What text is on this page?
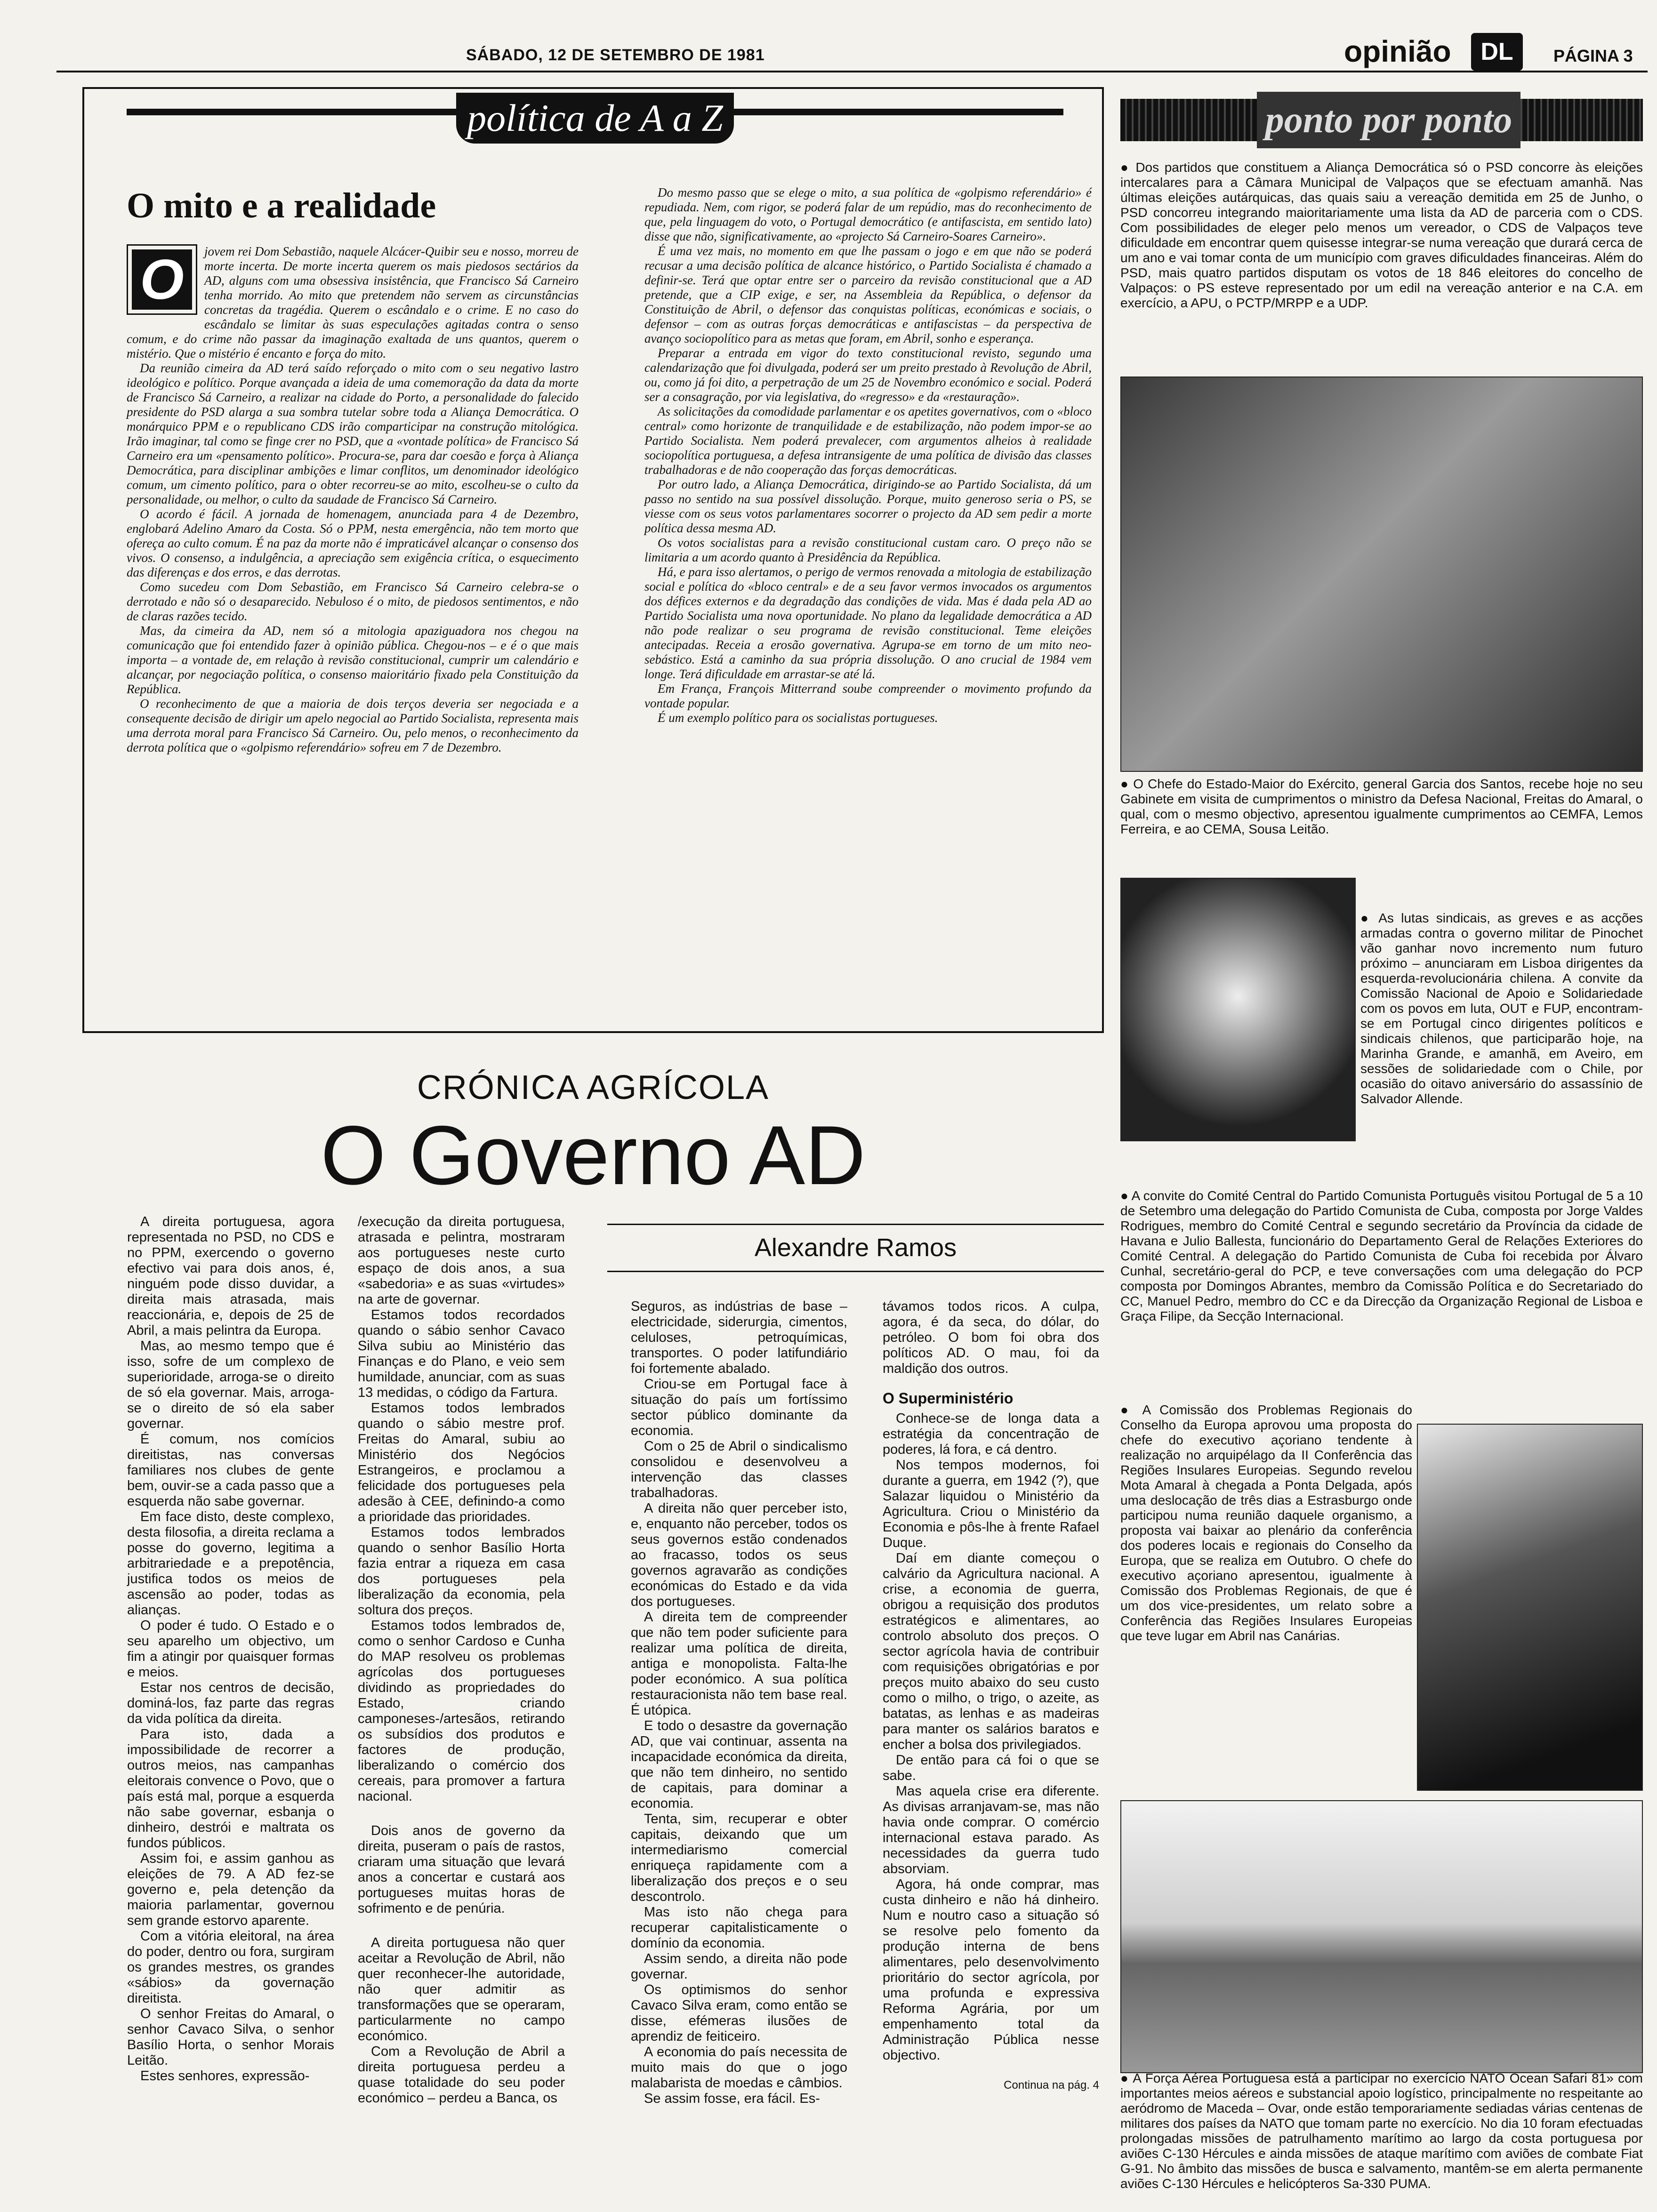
SÁBADO, 12 DE SETEMBRO DE 1981	opinião	DL	PÁGINA 3
política de A a Z
O mito e a realidade
O	jovem rei Dom Sebastião, naquele Alcácer-Quibir seu e nosso, morreu de morte incerta. De morte incerta querem os mais piedosos sectários da AD, alguns com uma obsessiva insistência, que Francisco Sá Carneiro tenha morrido. Ao mito que pretendem não servem as circunstâncias concretas da tragédia. Querem o escândalo e o crime. E no caso do escândalo se limitar às suas especulações agitadas contra o senso comum, e do crime não passar da imaginação exaltada de uns quantos, querem o mistério. Que o mistério é encanto e força do mito.

Da reunião cimeira da AD terá saído reforçado o mito com o seu negativo lastro ideológico e político. Porque avançada a ideia de uma comemoração da data da morte de Francisco Sá Carneiro, a realizar na cidade do Porto, a personalidade do falecido presidente do PSD alarga a sua sombra tutelar sobre toda a Aliança Democrática. O monárquico PPM e o republicano CDS irão comparticipar na construção mitológica. Irão imaginar, tal como se finge crer no PSD, que a «vontade política» de Francisco Sá Carneiro era um «pensamento político». Procura-se, para dar coesão e força à Aliança Democrática, para disciplinar ambições e limar conflitos, um denominador ideológico comum, um cimento político, para o obter recorreu-se ao mito, escolheu-se o culto da personalidade, ou melhor, o culto da saudade de Francisco Sá Carneiro.

O acordo é fácil. A jornada de homenagem, anunciada para 4 de Dezembro, englobará Adelino Amaro da Costa. Só o PPM, nesta emergência, não tem morto que ofereça ao culto comum. É na paz da morte não é impraticável alcançar o consenso dos vivos. O consenso, a indulgência, a apreciação sem exigência crítica, o esquecimento das diferenças e dos erros, e das derrotas.

Como sucedeu com Dom Sebastião, em Francisco Sá Carneiro celebra-se o derrotado e não só o desaparecido. Nebuloso é o mito, de piedosos sentimentos, e não de claras razões tecido.

Mas, da cimeira da AD, nem só a mitologia apaziguadora nos chegou na comunicação que foi entendido fazer à opinião pública. Chegou-nos – e é o que mais importa – a vontade de, em relação à revisão constitucional, cumprir um calendário e alcançar, por negociação política, o consenso maioritário fixado pela Constituição da República.

O reconhecimento de que a maioria de dois terços deveria ser negociada e a consequente decisão de dirigir um apelo negocial ao Partido Socialista, representa mais uma derrota moral para Francisco Sá Carneiro. Ou, pelo menos, o reconhecimento da derrota política que o «golpismo referendário» sofreu em 7 de Dezembro.

Do mesmo passo que se elege o mito, a sua política de «golpismo referendário» é repudiada. Nem, com rigor, se poderá falar de um repúdio, mas do reconhecimento de que, pela linguagem do voto, o Portugal democrático (e antifascista, em sentido lato) disse que não, significativamente, ao «projecto Sá Carneiro-Soares Carneiro».

É uma vez mais, no momento em que lhe passam o jogo e em que não se poderá recusar a uma decisão política de alcance histórico, o Partido Socialista é chamado a definir-se. Terá que optar entre ser o parceiro da revisão constitucional que a AD pretende, que a CIP exige, e ser, na Assembleia da República, o defensor da Constituição de Abril, o defensor das conquistas políticas, económicas e sociais, o defensor – com as outras forças democráticas e antifascistas – da perspectiva de avanço sociopolítico para as metas que foram, em Abril, sonho e esperança.

Preparar a entrada em vigor do texto constitucional revisto, segundo uma calendarização que foi divulgada, poderá ser um preito prestado à Revolução de Abril, ou, como já foi dito, a perpetração de um 25 de Novembro económico e social. Poderá ser a consagração, por via legislativa, do «regresso» e da «restauração».

As solicitações da comodidade parlamentar e os apetites governativos, com o «bloco central» como horizonte de tranquilidade e de estabilização, não podem impor-se ao Partido Socialista. Nem poderá prevalecer, com argumentos alheios à realidade sociopolítica portuguesa, a defesa intransigente de uma política de divisão das classes trabalhadoras e de não cooperação das forças democráticas.

Por outro lado, a Aliança Democrática, dirigindo-se ao Partido Socialista, dá um passo no sentido na sua possível dissolução. Porque, muito generoso seria o PS, se viesse com os seus votos parlamentares socorrer o projecto da AD sem pedir a morte política dessa mesma AD.

Os votos socialistas para a revisão constitucional custam caro. O preço não se limitaria a um acordo quanto à Presidência da República.

Há, e para isso alertamos, o perigo de vermos renovada a mitologia de estabilização social e política do «bloco central» e de a seu favor vermos invocados os argumentos dos défices externos e da degradação das condições de vida. Mas é dada pela AD ao Partido Socialista uma nova oportunidade. No plano da legalidade democrática a AD não pode realizar o seu programa de revisão constitucional. Teme eleições antecipadas. Receia a erosão governativa. Agrupa-se em torno de um mito neo-sebástico. Está a caminho da sua própria dissolução. O ano crucial de 1984 vem longe. Terá dificuldade em arrastar-se até lá.

Em França, François Mitterrand soube compreender o movimento profundo da vontade popular.

É um exemplo político para os socialistas portugueses.

ponto por ponto

● Dos partidos que constituem a Aliança Democrática só o PSD concorre às eleições intercalares para a Câmara Municipal de Valpaços que se efectuam amanhã. Nas últimas eleições autárquicas, das quais saiu a vereação demitida em 25 de Junho, o PSD concorreu integrando maioritariamente uma lista da AD de parceria com o CDS. Com possibilidades de eleger pelo menos um vereador, o CDS de Valpaços teve dificuldade em encontrar quem quisesse integrar-se numa vereação que durará cerca de um ano e vai tomar conta de um município com graves dificuldades financeiras. Além do PSD, mais quatro partidos disputam os votos de 18 846 eleitores do concelho de Valpaços: o PS esteve representado por um edil na vereação anterior e na C.A. em exercício, a APU, o PCTP/MRPP e a UDP.

● O Chefe do Estado-Maior do Exército, general Garcia dos Santos, recebe hoje no seu Gabinete em visita de cumprimentos o ministro da Defesa Nacional, Freitas do Amaral, o qual, com o mesmo objectivo, apresentou igualmente cumprimentos ao CEMFA, Lemos Ferreira, e ao CEMA, Sousa Leitão.

● As lutas sindicais, as greves e as acções armadas contra o governo militar de Pinochet vão ganhar novo incremento num futuro próximo – anunciaram em Lisboa dirigentes da esquerda-revolucionária chilena. A convite da Comissão Nacional de Apoio e Solidariedade com os povos em luta, OUT e FUP, encontram-se em Portugal cinco dirigentes políticos e sindicais chilenos, que participarão hoje, na Marinha Grande, e amanhã, em Aveiro, em sessões de solidariedade com o Chile, por ocasião do oitavo aniversário do assassínio de Salvador Allende.

● A convite do Comité Central do Partido Comunista Português visitou Portugal de 5 a 10 de Setembro uma delegação do Partido Comunista de Cuba, composta por Jorge Valdes Rodrigues, membro do Comité Central e segundo secretário da Província da cidade de Havana e Julio Ballesta, funcionário do Departamento Geral de Relações Exteriores do Comité Central. A delegação do Partido Comunista de Cuba foi recebida por Álvaro Cunhal, secretário-geral do PCP, e teve conversações com uma delegação do PCP composta por Domingos Abrantes, membro da Comissão Política e do Secretariado do CC, Manuel Pedro, membro do CC e da Direcção da Organização Regional de Lisboa e Graça Filipe, da Secção Internacional.

● A Comissão dos Problemas Regionais do Conselho da Europa aprovou uma proposta do chefe do executivo açoriano tendente à realização no arquipélago da II Conferência das Regiões Insulares Europeias. Segundo revelou Mota Amaral à chegada a Ponta Delgada, após uma deslocação de três dias a Estrasburgo onde participou numa reunião daquele organismo, a proposta vai baixar ao plenário da conferência dos poderes locais e regionais do Conselho da Europa, que se realiza em Outubro. O chefe do executivo açoriano apresentou, igualmente à Comissão dos Problemas Regionais, de que é um dos vice-presidentes, um relato sobre a Conferência das Regiões Insulares Europeias que teve lugar em Abril nas Canárias.

● A Força Aérea Portuguesa está a participar no exercício NATO Ocean Safari 81» com importantes meios aéreos e substancial apoio logístico, principalmente no respeitante ao aeródromo de Maceda – Ovar, onde estão temporariamente sediadas várias centenas de militares dos países da NATO que tomam parte no exercício. No dia 10 foram efectuadas prolongadas missões de patrulhamento marítimo ao largo da costa portuguesa por aviões C-130 Hércules e ainda missões de ataque marítimo com aviões de combate Fiat G-91. No âmbito das missões de busca e salvamento, mantêm-se em alerta permanente aviões C-130 Hércules e helicópteros Sa-330 PUMA.

CRÓNICA AGRÍCOLA
O Governo AD

A direita portuguesa, agora representada no PSD, no CDS e no PPM, exercendo o governo efectivo vai para dois anos, é, ninguém pode disso duvidar, a direita mais atrasada, mais reaccionária, e, depois de 25 de Abril, a mais pelintra da Europa.

Mas, ao mesmo tempo que é isso, sofre de um complexo de superioridade, arroga-se o direito de só ela governar. Mais, arroga-se o direito de só ela saber governar.

É comum, nos comícios direitistas, nas conversas familiares nos clubes de gente bem, ouvir-se a cada passo que a esquerda não sabe governar.

Em face disto, deste complexo, desta filosofia, a direita reclama a posse do governo, legitima a arbitrariedade e a prepotência, justifica todos os meios de ascensão ao poder, todas as alianças.

O poder é tudo. O Estado e o seu aparelho um objectivo, um fim a atingir por quaisquer formas e meios.

Estar nos centros de decisão, dominá-los, faz parte das regras da vida política da direita.

Para isto, dada a impossibilidade de recorrer a outros meios, nas campanhas eleitorais convence o Povo, que o país está mal, porque a esquerda não sabe governar, esbanja o dinheiro, destrói e maltrata os fundos públicos.

Assim foi, e assim ganhou as eleições de 79. A AD fez-se governo e, pela detenção da maioria parlamentar, governou sem grande estorvo aparente.

Com a vitória eleitoral, na área do poder, dentro ou fora, surgiram os grandes mestres, os grandes «sábios» da governação direitista.

O senhor Freitas do Amaral, o senhor Cavaco Silva, o senhor Basílio Horta, o senhor Morais Leitão.

Estes senhores, expressão-

/execução da direita portuguesa, atrasada e pelintra, mostraram aos portugueses neste curto espaço de dois anos, a sua «sabedoria» e as suas «virtudes» na arte de governar.

Estamos todos recordados quando o sábio senhor Cavaco Silva subiu ao Ministério das Finanças e do Plano, e veio sem humildade, anunciar, com as suas 13 medidas, o código da Fartura.

Estamos todos lembrados quando o sábio mestre prof. Freitas do Amaral, subiu ao Ministério dos Negócios Estrangeiros, e proclamou a felicidade dos portugueses pela adesão à CEE, definindo-a como a prioridade das prioridades.

Estamos todos lembrados quando o senhor Basílio Horta fazia entrar a riqueza em casa dos portugueses pela liberalização da economia, pela soltura dos preços.

Estamos todos lembrados de, como o senhor Cardoso e Cunha do MAP resolveu os problemas agrícolas dos portugueses dividindo as propriedades do Estado, criando camponeses-/artesãos, retirando os subsídios dos produtos e factores de produção, liberalizando o comércio dos cereais, para promover a fartura nacional.

Dois anos de governo da direita, puseram o país de rastos, criaram uma situação que levará anos a concertar e custará aos portugueses muitas horas de sofrimento e de penúria.

A direita portuguesa não quer aceitar a Revolução de Abril, não quer reconhecer-lhe autoridade, não quer admitir as transformações que se operaram, particularmente no campo económico.

Com a Revolução de Abril a direita portuguesa perdeu a quase totalidade do seu poder económico – perdeu a Banca, os

Alexandre Ramos

Seguros, as indústrias de base – electricidade, siderurgia, cimentos, celuloses, petroquímicas, transportes. O poder latifundiário foi fortemente abalado.

Criou-se em Portugal face à situação do país um fortíssimo sector público dominante da economia.

Com o 25 de Abril o sindicalismo consolidou e desenvolveu a intervenção das classes trabalhadoras.

A direita não quer perceber isto, e, enquanto não perceber, todos os seus governos estão condenados ao fracasso, todos os seus governos agravarão as condições económicas do Estado e da vida dos portugueses.

A direita tem de compreender que não tem poder suficiente para realizar uma política de direita, antiga e monopolista. Falta-lhe poder económico. A sua política restauracionista não tem base real. É utópica.

E todo o desastre da governação AD, que vai continuar, assenta na incapacidade económica da direita, que não tem dinheiro, no sentido de capitais, para dominar a economia.

Tenta, sim, recuperar e obter capitais, deixando que um intermediarismo comercial enriqueça rapidamente com a liberalização dos preços e o seu descontrolo.

Mas isto não chega para recuperar capitalisticamente o domínio da economia.

Assim sendo, a direita não pode governar.

Os optimismos do senhor Cavaco Silva eram, como então se disse, efémeras ilusões de aprendiz de feiticeiro.

A economia do país necessita de muito mais do que o jogo malabarista de moedas e câmbios.

Se assim fosse, era fácil. Es-

távamos todos ricos. A culpa, agora, é da seca, do dólar, do petróleo. O bom foi obra dos políticos AD. O mau, foi da maldição dos outros.

O Superministério

Conhece-se de longa data a estratégia da concentração de poderes, lá fora, e cá dentro.

Nos tempos modernos, foi durante a guerra, em 1942 (?), que Salazar liquidou o Ministério da Agricultura. Criou o Ministério da Economia e pôs-lhe à frente Rafael Duque.

Daí em diante começou o calvário da Agricultura nacional. A crise, a economia de guerra, obrigou a requisição dos produtos estratégicos e alimentares, ao controlo absoluto dos preços. O sector agrícola havia de contribuir com requisições obrigatórias e por preços muito abaixo do seu custo como o milho, o trigo, o azeite, as batatas, as lenhas e as madeiras para manter os salários baratos e encher a bolsa dos privilegiados.

De então para cá foi o que se sabe.

Mas aquela crise era diferente. As divisas arranjavam-se, mas não havia onde comprar. O comércio internacional estava parado. As necessidades da guerra tudo absorviam.

Agora, há onde comprar, mas custa dinheiro e não há dinheiro. Num e noutro caso a situação só se resolve pelo fomento da produção interna de bens alimentares, pelo desenvolvimento prioritário do sector agrícola, por uma profunda e expressiva Reforma Agrária, por um empenhamento total da Administração Pública nesse objectivo.

Continua na pág. 4
